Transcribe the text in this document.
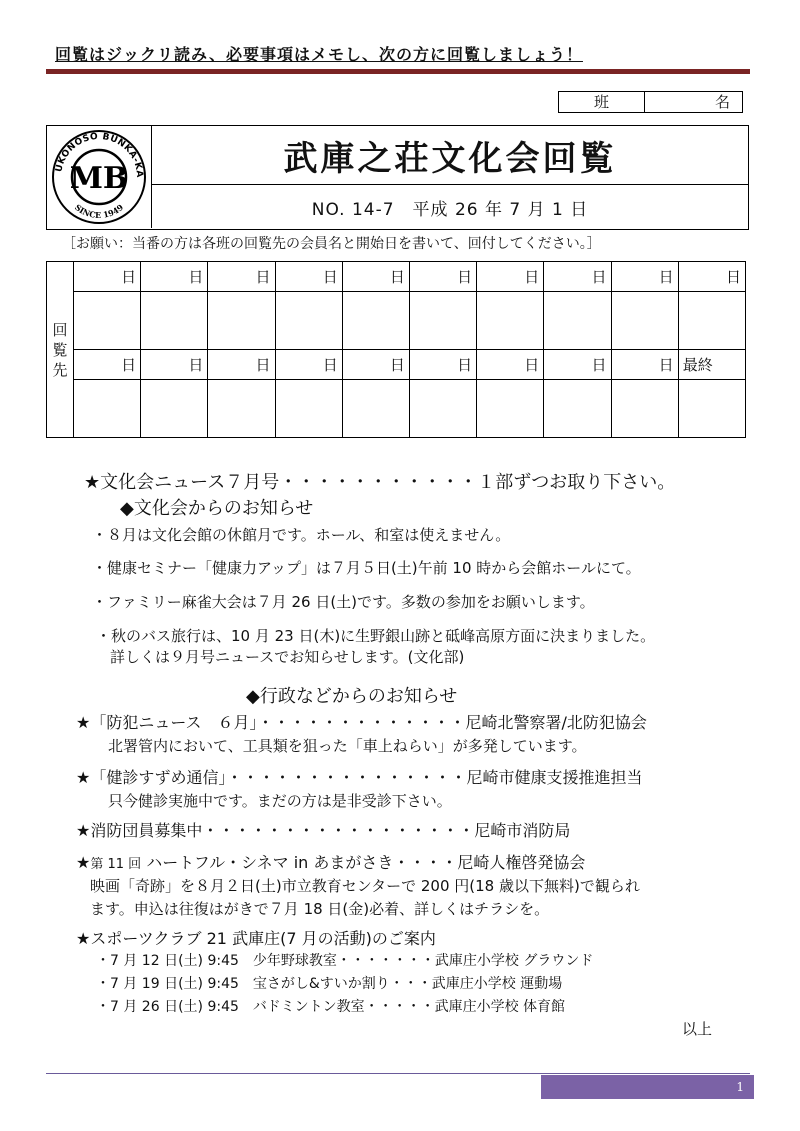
回覧はジックリ読み、必要事項はメモし、次の方に回覧しましょう！
班	名
UKONOSO BUNKA-KA
SINCE 1949
MB	武庫之荘文化会回覧
NO. 14-7　平成 26 年 7 月 1 日
［お願い：当番の方は各班の回覧先の会員名と開始日を書いて、回付してください。］
回
覧
先	日	日	日	日	日	日	日	日	日	日

	日	日	日	日	日	日	日	日	日	最終

★文化会ニュース７月号・・・・・・・・・・・１部ずつお取り下さい。
◆文化会からのお知らせ
・８月は文化会館の休館月です。ホール、和室は使えません。
・健康セミナー「健康力アップ」は７月５日(土)午前 10 時から会館ホールにて。
・ファミリー麻雀大会は７月 26 日(土)です。多数の参加をお願いします。
・秋のバス旅行は、10 月 23 日(木)に生野銀山跡と砥峰高原方面に決まりました。
詳しくは９月号ニュースでお知らせします。(文化部)
◆行政などからのお知らせ
★「防犯ニュース　６月」・・・・・・・・・・・・・尼崎北警察署/北防犯協会
北署管内において、工具類を狙った「車上ねらい」が多発しています。
★「健診すずめ通信」・・・・・・・・・・・・・・・尼崎市健康支援推進担当
只今健診実施中です。まだの方は是非受診下さい。
★消防団員募集中・・・・・・・・・・・・・・・・・尼崎市消防局
★第 11 回 ハートフル・シネマ in あまがさき・・・・尼崎人権啓発協会
映画「奇跡」を８月２日(土)市立教育センターで 200 円(18 歳以下無料)で観られ
ます。申込は往復はがきで７月 18 日(金)必着、詳しくはチラシを。
★スポーツクラブ 21 武庫庄(7 月の活動)のご案内
・7 月 12 日(土) 9:45　少年野球教室・・・・・・・武庫庄小学校 グラウンド
・7 月 19 日(土) 9:45　宝さがし&すいか割り・・・武庫庄小学校 運動場
・7 月 26 日(土) 9:45　バドミントン教室・・・・・武庫庄小学校 体育館
以上
1
